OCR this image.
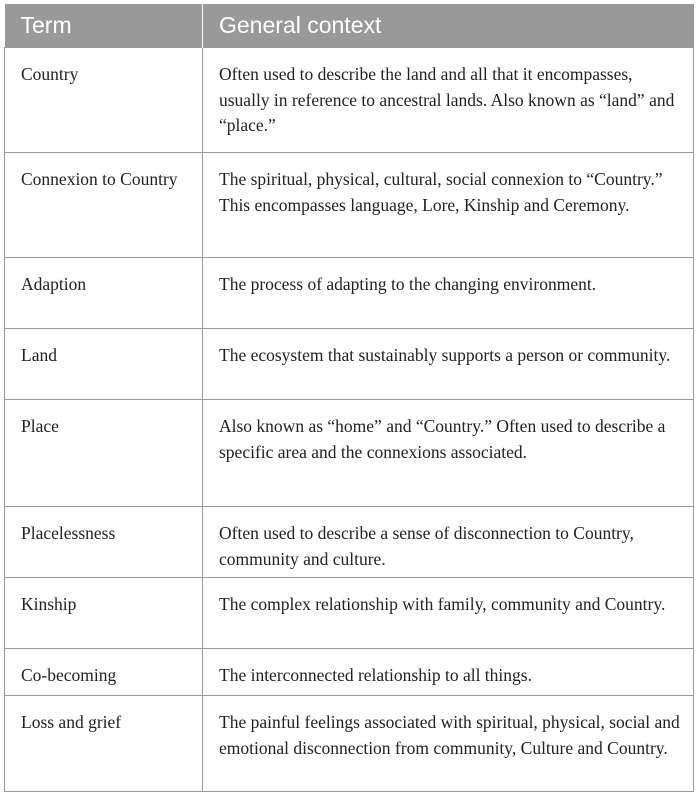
Term	General context
Country	Often used to describe the land and all that it encompasses, usually in reference to ancestral lands. Also known as “land” and “place.”
Connexion to Country	The spiritual, physical, cultural, social connexion to “Country.” This encompasses language, Lore, Kinship and Ceremony.
Adaption	The process of adapting to the changing environment.
Land	The ecosystem that sustainably supports a person or community.
Place	Also known as “home” and “Country.” Often used to describe a specific area and the connexions associated.
Placelessness	Often used to describe a sense of disconnection to Country, community and culture.
Kinship	The complex relationship with family, community and Country.
Co-becoming	The interconnected relationship to all things.
Loss and grief	The painful feelings associated with spiritual, physical, social and emotional disconnection from community, Culture and Country.
